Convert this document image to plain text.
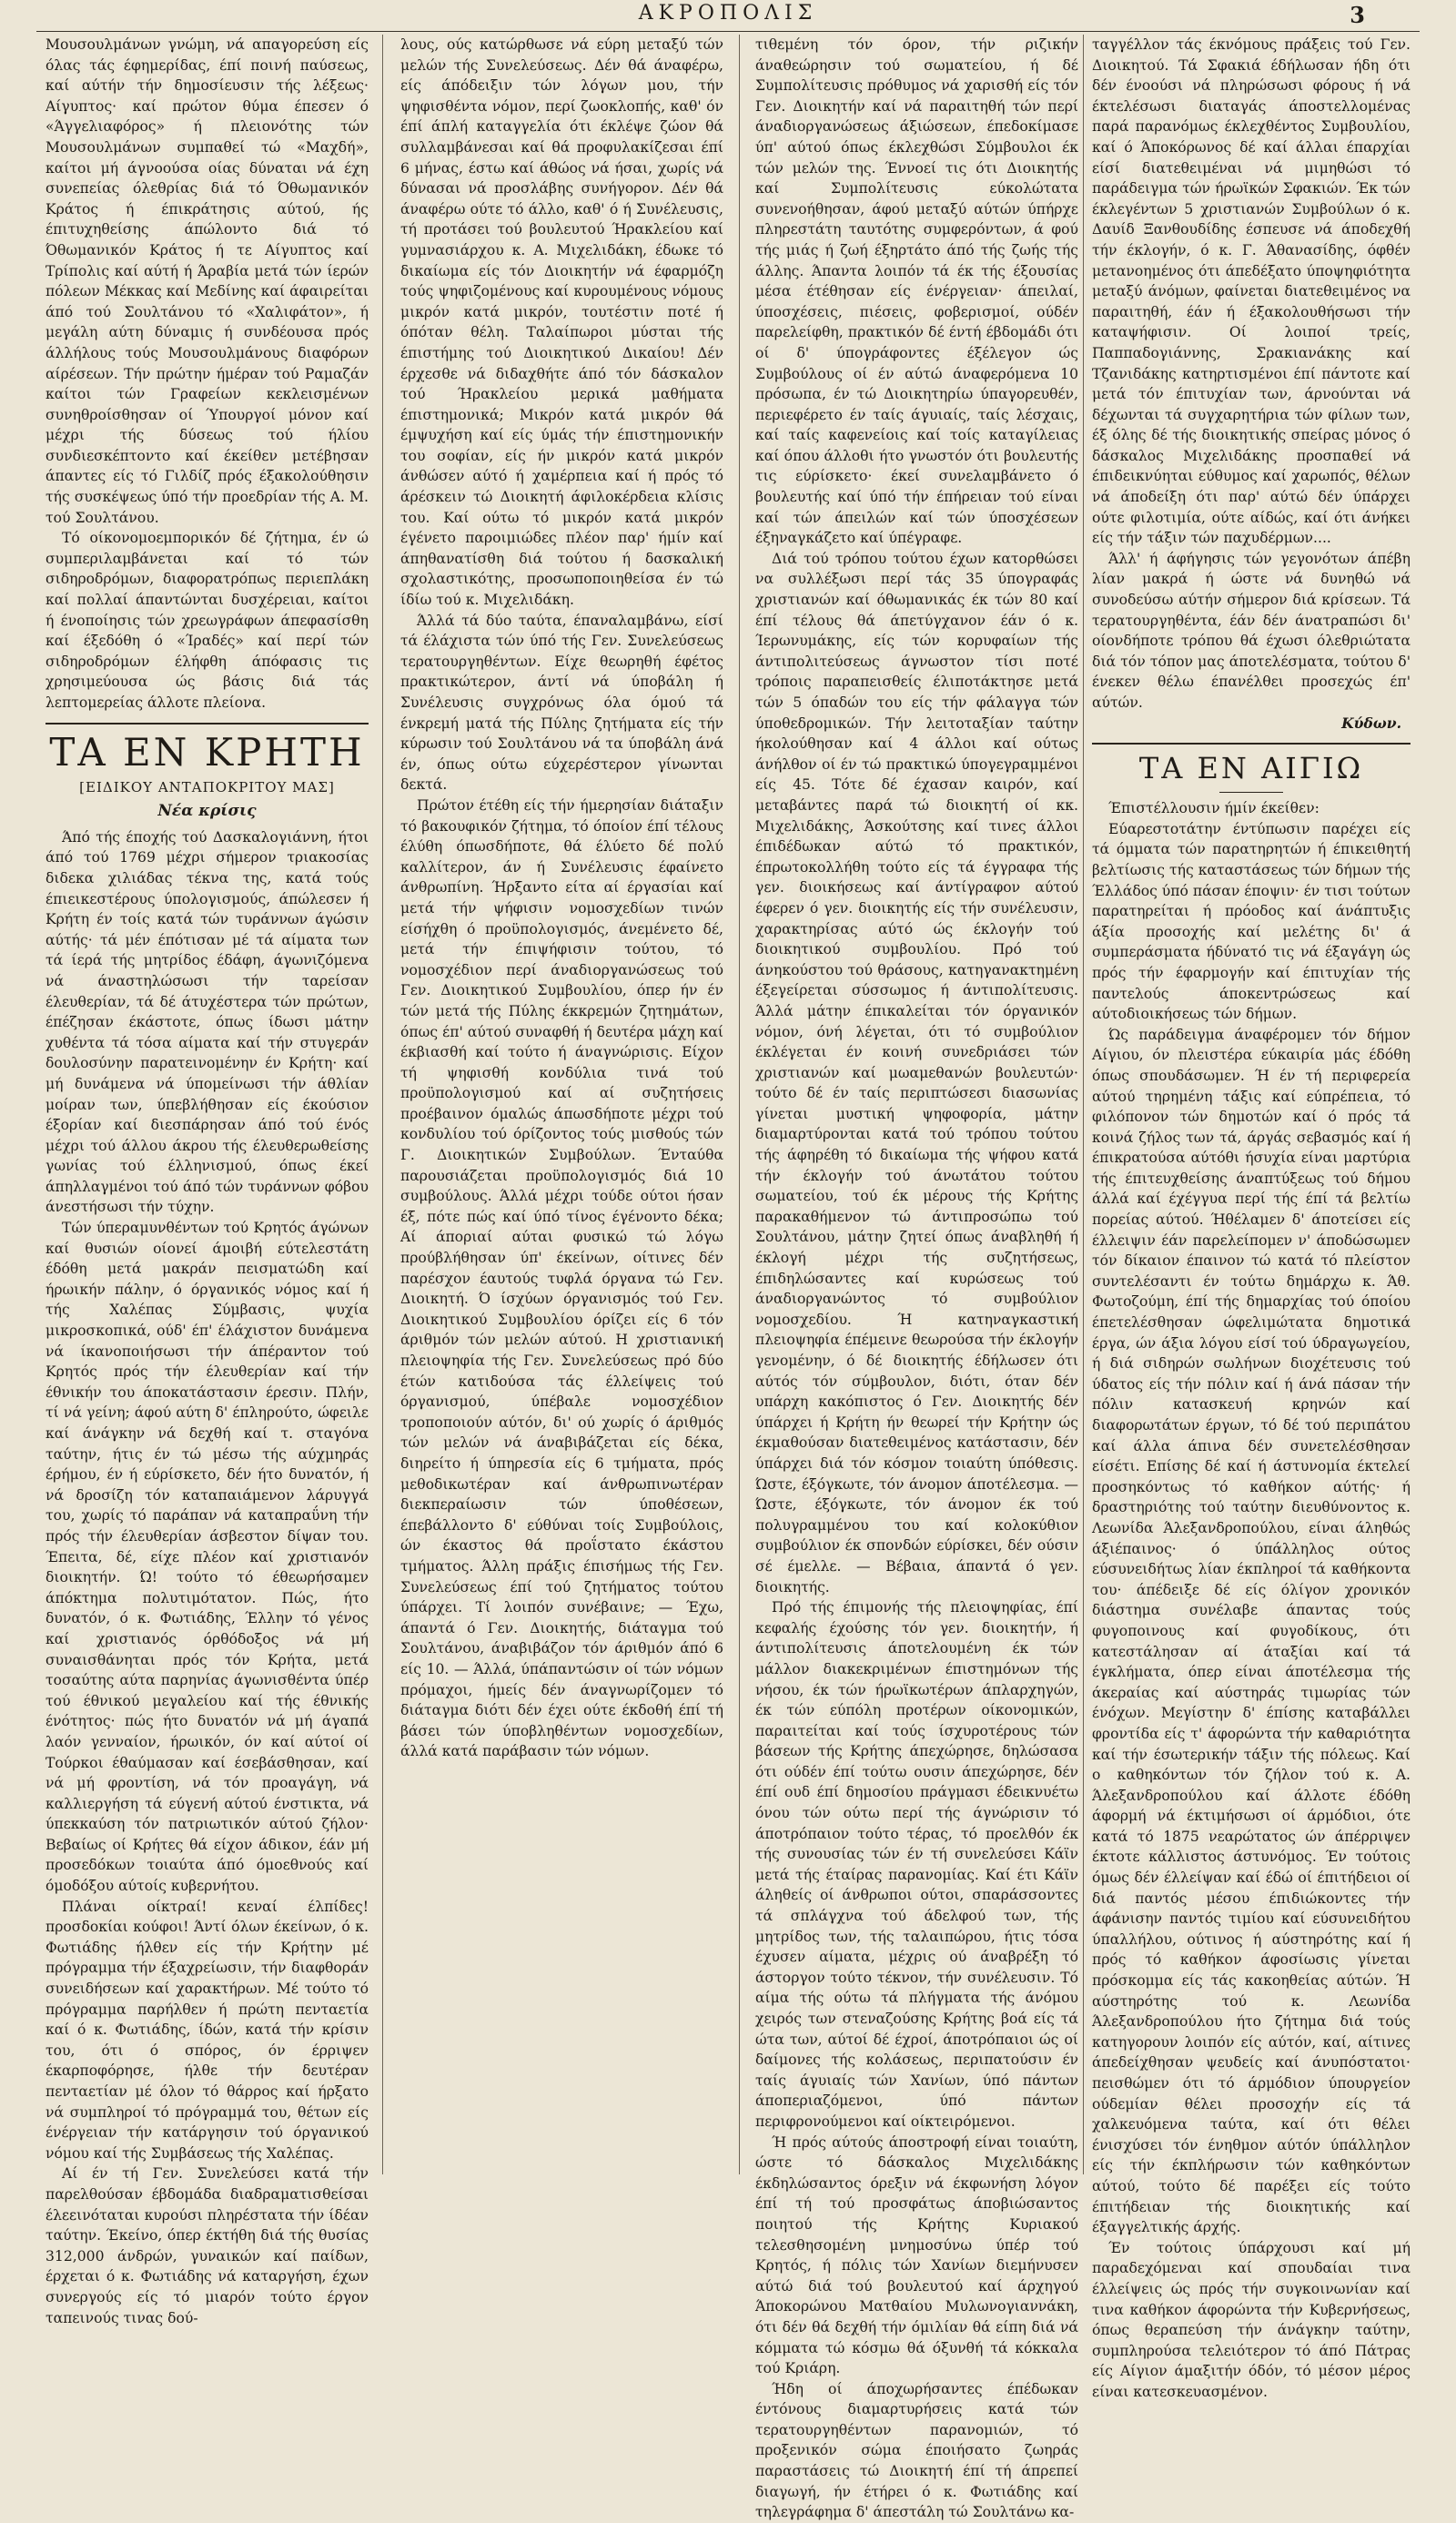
ΑΚΡΟΠΟΛΙΣ	3

Μουσουλμάνων γνώμη, νά απαγορεύση είς όλας τάς έφημερίδας, έπί ποινή παύσεως, καί αύτήν τήν δημοσίευσιν τής λέξεως· Αίγυπτος· καί πρώτον θύμα έπεσεν ό «Άγγελιαφόρος» ή πλειονότης τών Μουσουλμάνων συμπαθεί τώ «Μαχδή», καίτοι μή άγνοούσα οίας δύναται νά έχη συνεπείας όλεθρίας διά τό Όθωμανικόν Κράτος ή έπικράτησις αύτού, ής έπιτυχηθείσης άπώλοντο διά τό Όθωμανικόν Κράτος ή τε Αίγυπτος καί Τρίπολις καί αύτή ή Άραβία μετά τών ίερών πόλεων Μέκκας καί Μεδίνης καί άφαιρείται άπό τού Σουλτάνου τό «Χαλιφάτον», ή μεγάλη αύτη δύναμις ή συνδέουσα πρός άλλήλους τούς Μουσουλμάνους διαφόρων αίρέσεων. Τήν πρώτην ήμέραν τού Ραμαζάν καίτοι τών Γραφείων κεκλεισμένων συνηθροίσθησαν οί Ύπουργοί μόνον καί μέχρι τής δύσεως τού ήλίου συνδιεσκέπτοντο καί έκείθεν μετέβησαν άπαντες είς τό Γιλδίζ πρός έξακολούθησιν τής συσκέψεως ύπό τήν προεδρίαν τής Α. Μ. τού Σουλτάνου.

Τό οίκονομοεμπορικόν δέ ζήτημα, έν ώ συμπεριλαμβάνεται καί τό τών σιδηροδρόμων, διαφορατρόπως περιεπλάκη καί πολλαί άπαντώνται δυσχέρειαι, καίτοι ή ένοποίησις τών χρεωγράφων άπεφασίσθη καί έξεδόθη ό «Ίραδές» καί περί τών σιδηροδρόμων έλήφθη άπόφασις τις χρησιμεύουσα ώς βάσις διά τάς λεπτομερείας άλλοτε πλείονα.

ΤΑ ΕΝ ΚΡΗΤΗ
[ΕΙΔΙΚΟΥ ΑΝΤΑΠΟΚΡΙΤΟΥ ΜΑΣ]
Νέα κρίσις

Άπό τής έποχής τού Δασκαλογιάννη, ήτοι άπό τού 1769 μέχρι σήμερον τριακοσίας διδεκα χιλιάδας τέκνα της, κατά τούς έπιεικεστέρους ύπολογισμούς, άπώλεσεν ή Κρήτη έν τοίς κατά τών τυράννων άγώσιν αύτής· τά μέν έπότισαν μέ τά αίματα των τά ίερά τής μητρίδος έδάφη, άγωνιζόμενα νά άναστηλώσωσι τήν ταρείσαν έλευθερίαν, τά δέ άτυχέστερα τών πρώτων, έπέζησαν έκάστοτε, όπως ίδωσι μάτην χυθέντα τά τόσα αίματα καί τήν στυγεράν δουλοσύνην παρατεινομένην έν Κρήτη· καί μή δυνάμενα νά ύπομείνωσι τήν άθλίαν μοίραν των, ύπεβλήθησαν είς έκούσιον έξορίαν καί διεσπάρησαν άπό τού ένός μέχρι τού άλλου άκρου τής έλευθερωθείσης γωνίας τού έλληνισμού, όπως έκεί άπηλλαγμένοι τού άπό τών τυράννων φόβου άνεστήσωσι τήν τύχην.

Τών ύπεραμυνθέντων τού Κρητός άγώνων καί θυσιών οίονεί άμοιβή εύτελεστάτη έδόθη μετά μακράν πεισματώδη καί ήρωικήν πάλην, ό όργανικός νόμος καί ή τής Χαλέπας Σύμβασις, ψυχία μικροσκοπικά, ούδ' έπ' έλάχιστον δυνάμενα νά ίκανοποιήσωσι τήν άπέραντον τού Κρητός πρός τήν έλευθερίαν καί τήν έθνικήν του άποκατάστασιν έρεσιν. Πλήν, τί νά γείνη; άφού αύτη δ' έπληρούτο, ώφειλε καί άνάγκην νά δεχθή καί τ. σταγόνα ταύτην, ήτις έν τώ μέσω τής αύχμηράς έρήμου, έν ή εύρίσκετο, δέν ήτο δυνατόν, ή νά δροσίζη τόν καταπαιάμενον λάρυγγά του, χωρίς τό παράπαν νά καταπραΰνη τήν πρός τήν έλευθερίαν άσβεστον δίψαν του. Έπειτα, δέ, είχε πλέον καί χριστιανόν διοικητήν. Ώ! τούτο τό έθεωρήσαμεν άπόκτημα πολυτιμότατον. Πώς, ήτο δυνατόν, ό κ. Φωτιάδης, Έλλην τό γένος καί χριστιανός όρθόδοξος νά μή συναισθάνηται πρός τόν Κρήτα, μετά τοσαύτης αύτα παρηνίας άγωνισθέντα ύπέρ τού έθνικού μεγαλείου καί τής έθνικής ένότητος· πώς ήτο δυνατόν νά μή άγαπά λαόν γενναίον, ήρωικόν, όν καί αύτοί οί Τούρκοι έθαύμασαν καί έσεβάσθησαν, καί νά μή φροντίση, νά τόν προαγάγη, νά καλλιεργήση τά εύγενή αύτού ένστικτα, νά ύπεκκαύση τόν πατριωτικόν αύτού ζήλον· Βεβαίως οί Κρήτες θά είχον άδικον, έάν μή προσεδόκων τοιαύτα άπό όμοεθνούς καί όμοδόξου αύτοίς κυβερνήτου.

Πλάναι οίκτραί! κεναί έλπίδες! προσδοκίαι κούφοι! Άντί όλων έκείνων, ό κ. Φωτιάδης ήλθεν είς τήν Κρήτην μέ πρόγραμμα τήν έξαχρείωσιν, τήν διαφθοράν συνειδήσεων καί χαρακτήρων. Μέ τούτο τό πρόγραμμα παρήλθεν ή πρώτη πενταετία καί ό κ. Φωτιάδης, ίδών, κατά τήν κρίσιν του, ότι ό σπόρος, όν έρριψεν έκαρποφόρησε, ήλθε τήν δευτέραν πενταετίαν μέ όλον τό θάρρος καί ήρξατο νά συμπληροί τό πρόγραμμά του, θέτων είς ένέργειαν τήν κατάργησιν τού όργανικού νόμου καί τής Συμβάσεως τής Χαλέπας.

Αί έν τή Γεν. Συνελεύσει κατά τήν παρελθούσαν έβδομάδα διαδραματισθείσαι έλεεινόταται κυρούσι πληρέστατα τήν ίδέαν ταύτην. Έκείνο, όπερ έκτήθη διά τής θυσίας 312,000 άνδρών, γυναικών καί παίδων, έρχεται ό κ. Φωτιάδης νά καταργήση, έχων συνεργούς είς τό μιαρόν τούτο έργον ταπεινούς τινας δού-

λους, ούς κατώρθωσε νά εύρη μεταξύ τών μελών τής Συνελεύσεως. Δέν θά άναφέρω, είς άπόδειξιν τών λόγων μου, τήν ψηφισθέντα νόμον, περί ζωοκλοπής, καθ' όν έπί άπλή καταγγελία ότι έκλέψε ζώον θά συλλαμβάνεσαι καί θά προφυλακίζεσαι έπί 6 μήνας, έστω καί άθώος νά ήσαι, χωρίς νά δύνασαι νά προσλάβης συνήγορον. Δέν θά άναφέρω ούτε τό άλλο, καθ' ό ή Συνέλευσις, τή προτάσει τού βουλευτού Ήρακλείου καί γυμνασιάρχου κ. Α. Μιχελιδάκη, έδωκε τό δικαίωμα είς τόν Διοικητήν νά έφαρμόζη τούς ψηφιζομένους καί κυρουμένους νόμους μικρόν κατά μικρόν, τουτέστιν ποτέ ή όπόταν θέλη. Ταλαίπωροι μύσται τής έπιστήμης τού Διοικητικού Δικαίου! Δέν έρχεσθε νά διδαχθήτε άπό τόν δάσκαλον τού Ήρακλείου μερικά μαθήματα έπιστημονικά; Μικρόν κατά μικρόν θά έμψυχήση καί είς ύμάς τήν έπιστημονικήν του σοφίαν, είς ήν μικρόν κατά μικρόν άνθώσεν αύτό ή χαμέρπεια καί ή πρός τό άρέσκειν τώ Διοικητή άφιλοκέρδεια κλίσις του. Καί ούτω τό μικρόν κατά μικρόν έγένετο παροιμιώδες πλέον παρ' ήμίν καί άπηθανατίσθη διά τούτου ή δασκαλική σχολαστικότης, προσωποποιηθείσα έν τώ ίδίω τού κ. Μιχελιδάκη.

Άλλά τά δύο ταύτα, έπαναλαμβάνω, είσί τά έλάχιστα τών ύπό τής Γεν. Συνελεύσεως τερατουργηθέντων. Είχε θεωρηθή έφέτος πρακτικώτερον, άντί νά ύποβάλη ή Συνέλευσις συγχρόνως όλα όμού τά ένκρεμή ματά τής Πύλης ζητήματα είς τήν κύρωσιν τού Σουλτάνου νά τα ύποβάλη άνά έν, όπως ούτω εύχερέστερον γίνωνται δεκτά.

Πρώτον έτέθη είς τήν ήμερησίαν διάταξιν τό βακουφικόν ζήτημα, τό όποίον έπί τέλους έλύθη όπωσδήποτε, θά έλύετο δέ πολύ καλλίτερον, άν ή Συνέλευσις έφαίνετο άνθρωπίνη. Ήρξαντο είτα αί έργασίαι καί μετά τήν ψήφισιν νομοσχεδίων τινών είσήχθη ό προϋπολογισμός, άνεμένετο δέ, μετά τήν έπιψήφισιν τούτου, τό νομοσχέδιον περί άναδιοργανώσεως τού Γεν. Διοικητικού Συμβουλίου, όπερ ήν έν τών μετά τής Πύλης έκκρεμών ζητημάτων, όπως έπ' αύτού συναφθή ή δευτέρα μάχη καί έκβιασθή καί τούτο ή άναγνώρισις. Είχον τή ψηφισθή κονδύλια τινά τού προϋπολογισμού καί αί συζητήσεις προέβαινον όμαλώς άπωσδήποτε μέχρι τού κονδυλίου τού όρίζοντος τούς μισθούς τών Γ. Διοικητικών Συμβούλων. Ένταύθα παρουσιάζεται προϋπολογισμός διά 10 συμβούλους. Άλλά μέχρι τούδε ούτοι ήσαν έξ, πότε πώς καί ύπό τίνος έγένοντο δέκα; Αί άποριαί αύται φυσικώ τώ λόγω προύβλήθησαν ύπ' έκείνων, οίτινες δέν παρέσχον έαυτούς τυφλά όργανα τώ Γεν. Διοικητή. Ό ίσχύων όργανισμός τού Γεν. Διοικητικού Συμβουλίου όρίζει είς 6 τόν άριθμόν τών μελών αύτού. Η χριστιανική πλειοψηφία τής Γεν. Συνελεύσεως πρό δύο έτών κατιδούσα τάς έλλείψεις τού όργανισμού, ύπέβαλε νομοσχέδιον τροποποιούν αύτόν, δι' ού χωρίς ό άριθμός τών μελών νά άναβιβάζεται είς δέκα, διηρείτο ή ύπηρεσία είς 6 τμήματα, πρός μεθοδικωτέραν καί άνθρωπινωτέραν διεκπεραίωσιν τών ύποθέσεων, έπεβάλλοντο δ' εύθύναι τοίς Συμβούλοις, ών έκαστος θά προΐστατο έκάστου τμήματος. Άλλη πράξις έπισήμως τής Γεν. Συνελεύσεως έπί τού ζητήματος τούτου ύπάρχει. Τί λοιπόν συνέβαινε; — Έχω, άπαντά ό Γεν. Διοικητής, διάταγμα τού Σουλτάνου, άναβιβάζον τόν άριθμόν άπό 6 είς 10. — Άλλά, ύπάπαντώσιν οί τών νόμων πρόμαχοι, ήμείς δέν άναγνωρίζομεν τό διάταγμα διότι δέν έχει ούτε έκδοθή έπί τή βάσει τών ύποβληθέντων νομοσχεδίων, άλλά κατά παράβασιν τών νόμων.

τιθεμένη τόν όρον, τήν ριζικήν άναθεώρησιν τού σωματείου, ή δέ Συμπολίτευσις πρόθυμος νά χαρισθή είς τόν Γεν. Διοικητήν καί νά παραιτηθή τών περί άναδιοργανώσεως άξιώσεων, έπεδοκίμασε ύπ' αύτού όπως έκλεχθώσι Σύμβουλοι έκ τών μελών της. Έννοεί τις ότι Διοικητής καί Συμπολίτευσις εύκολώτατα συνενοήθησαν, άφού μεταξύ αύτών ύπήρχε πληρεστάτη ταυτότης συμφερόντων, ά φού τής μιάς ή ζωή έξηρτάτο άπό τής ζωής τής άλλης. Άπαντα λοιπόν τά έκ τής έξουσίας μέσα έτέθησαν είς ένέργειαν· άπειλαί, ύποσχέσεις, πιέσεις, φοβερισμοί, ούδέν παρελείφθη, πρακτικόν δέ έντή έβδομάδι ότι οί δ' ύπογράφοντες έξέλεγον ώς Συμβούλους οί έν αύτώ άναφερόμενα 10 πρόσωπα, έν τώ Διοικητηρίω ύπαγορευθέν, περιεφέρετο έν ταίς άγυιαίς, ταίς λέσχαις, καί ταίς καφενείοις καί τοίς καταγίλειας καί όπου άλλοθι ήτο γνωστόν ότι βουλευτής τις εύρίσκετο· έκεί συνελαμβάνετο ό βουλευτής καί ύπό τήν έπήρειαν τού είναι καί τών άπειλών καί τών ύποσχέσεων έξηναγκάζετο καί ύπέγραφε.

Διά τού τρόπου τούτου έχων κατορθώσει να συλλέξωσι περί τάς 35 ύπογραφάς χριστιανών καί όθωμανικάς έκ τών 80 καί έπί τέλους θά άπετύγχανον έάν ό κ. Ίερωνυμάκης, είς τών κορυφαίων τής άντιπολιτεύσεως άγνωστον τίσι ποτέ τρόποις παραπεισθείς έλιποτάκτησε μετά τών 5 όπαδών του είς τήν φάλαγγα τών ύποθεδρομικών. Τήν λειτοταξίαν ταύτην ήκολούθησαν καί 4 άλλοι καί ούτως άνήλθον οί έν τώ πρακτικώ ύπογεγραμμένοι είς 45. Τότε δέ έχασαν καιρόν, καί μεταβάντες παρά τώ διοικητή οί κκ. Μιχελιδάκης, Άσκούτσης καί τινες άλλοι έπιδέδωκαν αύτώ τό πρακτικόν, έπρωτοκολλήθη τούτο είς τά έγγραφα τής γεν. διοικήσεως καί άντίγραφον αύτού έφερεν ό γεν. διοικητής είς τήν συνέλευσιν, χαρακτηρίσας αύτό ώς έκλογήν τού διοικητικού συμβουλίου. Πρό τού άνηκούστου τού θράσους, κατηγανακτημένη έξεγείρεται σύσσωμος ή άντιπολίτευσις. Άλλά μάτην έπικαλείται τόν όργανικόν νόμον, όνή λέγεται, ότι τό συμβούλιον έκλέγεται έν κοινή συνεδριάσει τών χριστιανών καί μωαμεθανών βουλευτών· τούτο δέ έν ταίς περιπτώσεσι διασωνίας γίνεται μυστική ψηφοφορία, μάτην διαμαρτύρονται κατά τού τρόπου τούτου τής άφηρέθη τό δικαίωμα τής ψήφου κατά τήν έκλογήν τού άνωτάτου τούτου σωματείου, τού έκ μέρους τής Κρήτης παρακαθήμενον τώ άντιπροσώπω τού Σουλτάνου, μάτην ζητεί όπως άναβληθή ή έκλογή μέχρι τής συζητήσεως, έπιδηλώσαντες καί κυρώσεως τού άναδιοργανώντος τό συμβούλιον νομοσχεδίου. Ή κατηναγκαστική πλειοψηφία έπέμεινε θεωρούσα τήν έκλογήν γενομένην, ό δέ διοικητής έδήλωσεν ότι αύτός τόν σύμβουλον, διότι, όταν δέν υπάρχη κακόπιστος ό Γεν. Διοικητής δέν ύπάρχει ή Κρήτη ήν θεωρεί τήν Κρήτην ώς έκμαθούσαν διατεθειμένος κατάστασιν, δέν ύπάρχει διά τόν κόσμον τοιαύτη ύπόθεσις. Ώστε, έξόγκωτε, τόν άνομον άποτέλεσμα. — Ώστε, έξόγκωτε, τόν άνομον έκ τού πολυγραμμένου του καί κολοκύθιον συμβούλιον έκ σπονδών εύρίσκει, δέν ούσιν σέ έμελλε. — Βέβαια, άπαντά ό γεν. διοικητής.

Πρό τής έπιμονής τής πλειοψηφίας, έπί κεφαλής έχούσης τόν γεν. διοικητήν, ή άντιπολίτευσις άποτελουμένη έκ τών μάλλον διακεκριμένων έπιστημόνων τής νήσου, έκ τών ήρωϊκωτέρων άπλαρχηγών, έκ τών εύπόλη προτέρων οίκονομικών, παραιτείται καί τούς ίσχυροτέρους τών βάσεων τής Κρήτης άπεχώρησε, δηλώσασα ότι ούδέν έπί τούτω ουσιν άπεχώρησε, δέν έπί ουδ έπί δημοσίου πράγμασι έδεικνυέτω όνου τών ούτω περί τής άγνώρισιν τό άποτρόπαιον τούτο τέρας, τό προελθόν έκ τής συνουσίας τών έν τή συνελεύσει Κάϊν μετά τής έταίρας παρανομίας. Καί έτι Κάϊν άληθείς οί άνθρωποι ούτοι, σπαράσσοντες τά σπλάγχνα τού άδελφού των, τής μητρίδος των, τής ταλαιπώρου, ήτις τόσα έχυσεν αίματα, μέχρις ού άναβρέξη τό άστοργον τούτο τέκνον, τήν συνέλευσιν. Τό αίμα τής ούτω τά πλήγματα τής άνόμου χειρός των στεναζούσης Κρήτης βοά είς τά ώτα των, αύτοί δέ έχροί, άποτρόπαιοι ώς οί δαίμονες τής κολάσεως, περιπατούσιν έν ταίς άγυιαίς τών Χανίων, ύπό πάντων άποπεριαζόμενοι, ύπό πάντων περιφρονούμενοι καί οίκτειρόμενοι.

Ή πρός αύτούς άποστροφή είναι τοιαύτη, ώστε τό δάσκαλος Μιχελιδάκης έκδηλώσαντος όρεξιν νά έκφωνήση λόγον έπί τή τού προσφάτως άποβιώσαντος ποιητού τής Κρήτης Κυριακού τελεσθησομένη μνημοσύνω ύπέρ τού Κρητός, ή πόλις τών Χανίων διεμήνυσεν αύτώ διά τού βουλευτού καί άρχηγού Άποκορώνου Ματθαίου Μυλωνογιαννάκη, ότι δέν θά δεχθή τήν όμιλίαν θά είπη διά νά κόμματα τώ κόσμω θά όξυνθή τά κόκκαλα τού Κριάρη.

Ήδη οί άποχωρήσαντες έπέδωκαν έντόνους διαμαρτυρήσεις κατά τών τερατουργηθέντων παρανομιών, τό προξενικόν σώμα έποιήσατο ζωηράς παραστάσεις τώ Διοικητή έπί τή άπρεπεί διαγωγή, ήν έτήρει ό κ. Φωτιάδης καί τηλεγράφημα δ' άπεστάλη τώ Σουλτάνω κα-

ταγγέλλον τάς έκνόμους πράξεις τού Γεν. Διοικητού. Τά Σφακιά έδήλωσαν ήδη ότι δέν ένοούσι νά πληρώσωσι φόρους ή νά έκτελέσωσι διαταγάς άποστελλομένας παρά παρανόμως έκλεχθέντος Συμβουλίου, καί ό Άποκόρωνος δέ καί άλλαι έπαρχίαι είσί διατεθειμέναι νά μιμηθώσι τό παράδειγμα τών ήρωϊκών Σφακιών. Έκ τών έκλεγέντων 5 χριστιανών Συμβούλων ό κ. Δαυίδ Ξανθουδίδης έσπευσε νά άποδεχθή τήν έκλογήν, ό κ. Γ. Άθανασίδης, όφθέν μετανοημένος ότι άπεδέξατο ύποψηφιότητα μεταξύ άνόμων, φαίνεται διατεθειμένος να παραιτηθή, έάν ή έξακολουθήσωσι τήν καταψήφισιν. Οί λοιποί τρείς, Παππαδογιάννης, Σρακιανάκης καί Τζανιδάκης κατηρτισμένοι έπί πάντοτε καί μετά τόν έπιτυχίαν των, άρνούνται νά δέχωνται τά συγχαρητήρια τών φίλων των, έξ όλης δέ τής διοικητικής σπείρας μόνος ό δάσκαλος Μιχελιδάκης προσπαθεί νά έπιδεικνύηται εύθυμος καί χαρωπός, θέλων νά άποδείξη ότι παρ' αύτώ δέν ύπάρχει ούτε φιλοτιμία, ούτε αίδώς, καί ότι άνήκει είς τήν τάξιν τών παχυδέρμων....

Άλλ' ή άφήγησις τών γεγονότων άπέβη λίαν μακρά ή ώστε νά δυνηθώ νά συνοδεύσω αύτήν σήμερον διά κρίσεων. Τά τερατουργηθέντα, έάν δέν άνατραπώσι δι' οίονδήποτε τρόπου θά έχωσι όλεθριώτατα διά τόν τόπον μας άποτελέσματα, τούτου δ' ένεκεν θέλω έπανέλθει προσεχώς έπ' αύτών.

Κύδων.
ΤΑ ΕΝ ΑΙΓΙΩ

Έπιστέλλουσιν ήμίν έκείθεν:

Εύαρεστοτάτην έντύπωσιν παρέχει είς τά όμματα τών παρατηρητών ή έπικειθητή βελτίωσις τής καταστάσεως τών δήμων τής Έλλάδος ύπό πάσαν έποψιν· έν τισι τούτων παρατηρείται ή πρόοδος καί άνάπτυξις άξία προσοχής καί μελέτης δι' ά συμπεράσματα ήδύνατό τις νά έξαγάγη ώς πρός τήν έφαρμογήν καί έπιτυχίαν τής παντελούς άποκεντρώσεως καί αύτοδιοικήσεως τών δήμων.

Ώς παράδειγμα άναφέρομεν τόν δήμον Αίγιου, όν πλειστέρα εύκαιρία μάς έδόθη όπως σπουδάσωμεν. Ή έν τή περιφερεία αύτού τηρημένη τάξις καί εύπρέπεια, τό φιλόπονον τών δημοτών καί ό πρός τά κοινά ζήλος των τά, άργάς σεβασμός καί ή έπικρατούσα αύτόθι ήσυχία είναι μαρτύρια τής έπιτευχθείσης άναπτύξεως τού δήμου άλλά καί έχέγγυα περί τής έπί τά βελτίω πορείας αύτού. Ήθέλαμεν δ' άποτείσει είς έλλειψιν έάν παρελείπομεν ν' άποδώσωμεν τόν δίκαιον έπαινον τώ κατά τό πλείστον συντελέσαντι έν τούτω δημάρχω κ. Άθ. Φωτοζούμη, έπί τής δημαρχίας τού όποίου έπετελέσθησαν ώφελιμώτατα δημοτικά έργα, ών άξια λόγου είσί τού ύδραγωγείου, ή διά σιδηρών σωλήνων διοχέτευσις τού ύδατος είς τήν πόλιν καί ή άνά πάσαν τήν πόλιν κατασκευή κρηνών καί διαφορωτάτων έργων, τό δέ τού περιπάτου καί άλλα άπινα δέν συνετελέσθησαν είσέτι. Επίσης δέ καί ή άστυνομία έκτελεί προσηκόντως τό καθήκον αύτής· ή δραστηριότης τού ταύτην διευθύνοντος κ. Λεωνίδα Άλεξανδροπούλου, είναι άληθώς άξιέπαινος· ό ύπάλληλος ούτος εύσυνειδήτως λίαν έκπληροί τά καθήκοντα του· άπέδειξε δέ είς όλίγον χρονικόν διάστημα συνέλαβε άπαντας τούς φυγοποινους καί φυγοδίκους, ότι κατεστάλησαν αί άταξίαι καί τά έγκλήματα, όπερ είναι άποτέλεσμα τής άκεραίας καί αύστηράς τιμωρίας τών ένόχων. Μεγίστην δ' έπίσης καταβάλλει φροντίδα είς τ' άφορώντα τήν καθαριότητα καί τήν έσωτερικήν τάξιν τής πόλεως. Καί ο καθηκόντων τόν ζήλον τού κ. Α. Άλεξανδροπούλου καί άλλοτε έδόθη άφορμή νά έκτιμήσωσι οί άρμόδιοι, ότε κατά τό 1875 νεαρώτατος ών άπέρριψεν έκτοτε κάλλιστος άστυνόμος. Έν τούτοις όμως δέν έλλείψαν καί έδώ οί έπιτήδειοι οί διά παντός μέσου έπιδιώκοντες τήν άφάνισην παντός τιμίου καί εύσυνειδήτου ύπαλλήλου, ούτινος ή αύστηρότης καί ή πρός τό καθήκον άφοσίωσις γίνεται πρόσκομμα είς τάς κακοηθείας αύτών. Ή αύστηρότης τού κ. Λεωνίδα Άλεξανδροπούλου ήτο ζήτημα διά τούς κατηγορουν λοιπόν είς αύτόν, καί, αίτινες άπεδείχθησαν ψευδείς καί άνυπόστατοι· πεισθώμεν ότι τό άρμόδιον ύπουργείον ούδεμίαν θέλει προσοχήν είς τά χαλκευόμενα ταύτα, καί ότι θέλει ένισχύσει τόν ένηθμον αύτόν ύπάλληλον είς τήν έκπλήρωσιν τών καθηκόντων αύτού, τούτο δέ παρέξει είς τούτο έπιτήδειαν τής διοικητικής καί έξαγγελτικής άρχής.

Έν τούτοις ύπάρχουσι καί μή παραδεχόμεναι καί σπουδαίαι τινα έλλείψεις ώς πρός τήν συγκοινωνίαν καί τινα καθήκον άφορώντα τήν Κυβερνήσεως, όπως θεραπεύση τήν άνάγκην ταύτην, συμπληρούσα τελειότερον τό άπό Πάτρας είς Αίγιον άμαξιτήν όδόν, τό μέσον μέρος είναι κατεσκευασμένον.
